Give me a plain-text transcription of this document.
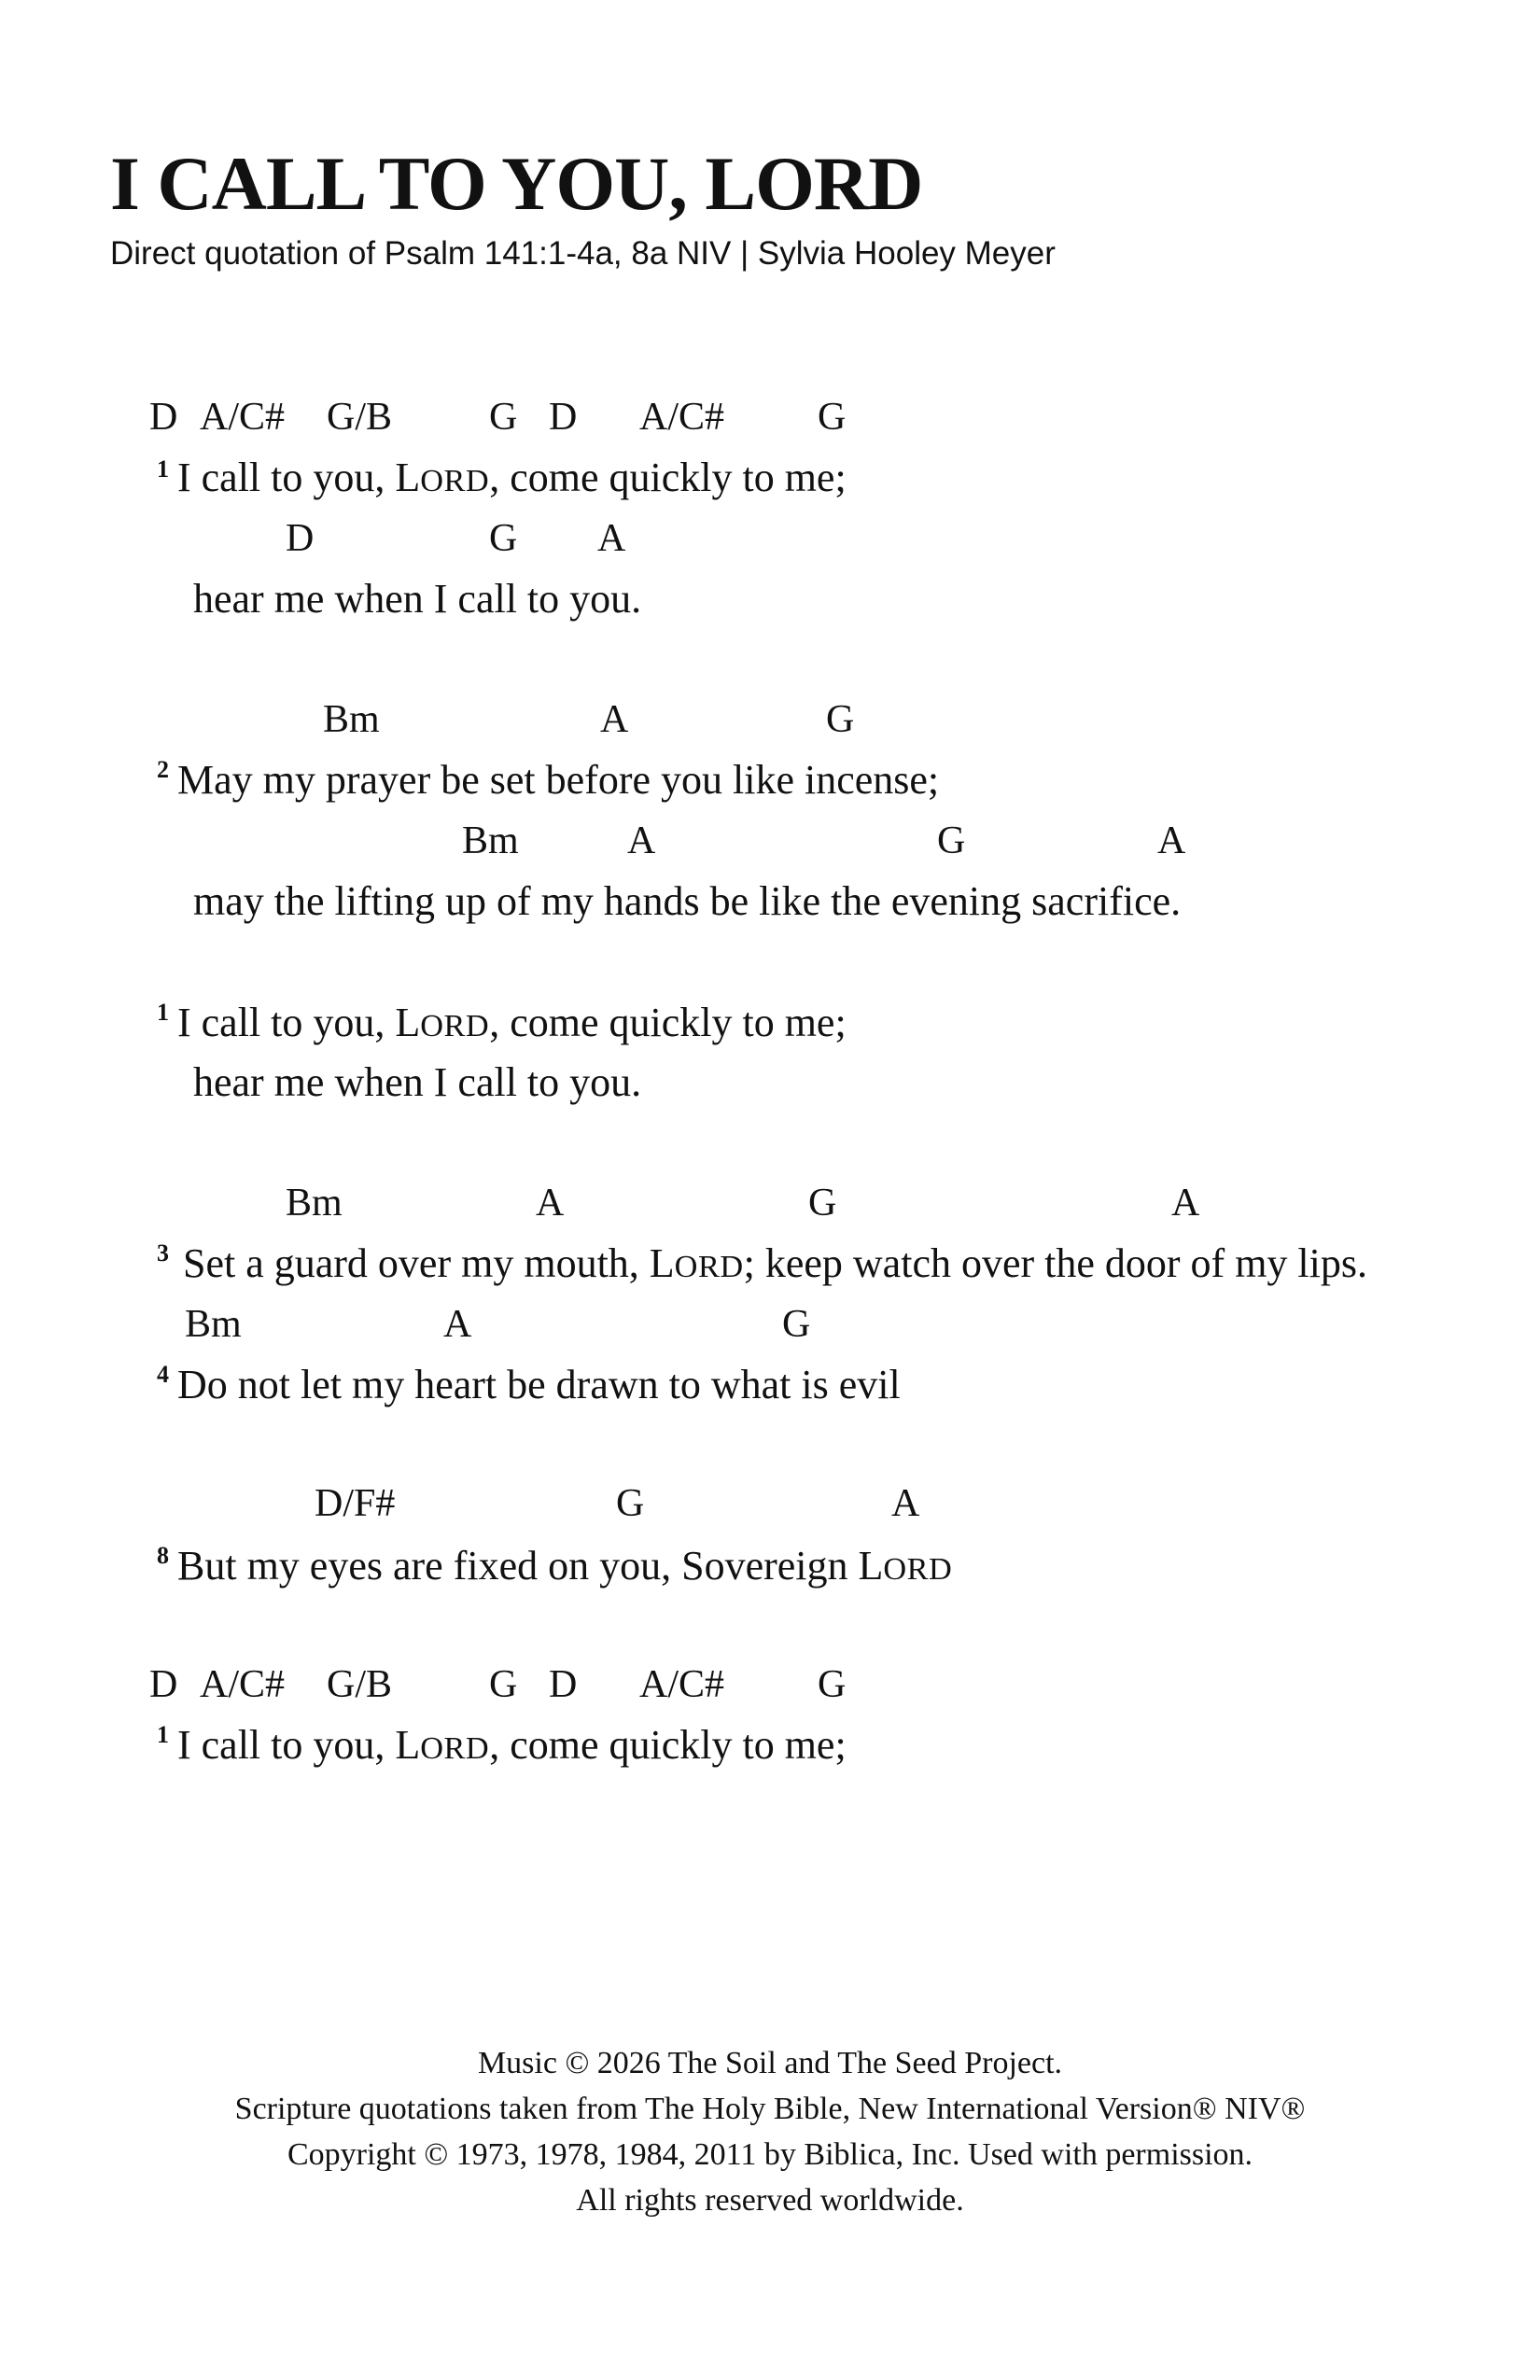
I CALL TO YOU, LORD
Direct quotation of Psalm 141:1-4a, 8a NIV | Sylvia Hooley Meyer
D A/C# G/B G D A/C# G
1 I call to you, LORD, come quickly to me;
D	G A
hear me when I call to you.
Bm	A	G
2 May my prayer be set before you like incense;
Bm	A	G	A
may the lifting up of my hands be like the evening sacrifice.
1 I call to you, LORD, come quickly to me;
hear me when I call to you.
Bm	A	G	A
3 Set a guard over my mouth, LORD; keep watch over the door of my lips.
Bm	A	G
4 Do not let my heart be drawn to what is evil
D/F#	G	A
8 But my eyes are fixed on you, Sovereign LORD
D A/C# G/B G D A/C# G
1 I call to you, LORD, come quickly to me;
Music © 2026 The Soil and The Seed Project.
Scripture quotations taken from The Holy Bible, New International Version® NIV®
Copyright © 1973, 1978, 1984, 2011 by Biblica, Inc. Used with permission.
All rights reserved worldwide.
